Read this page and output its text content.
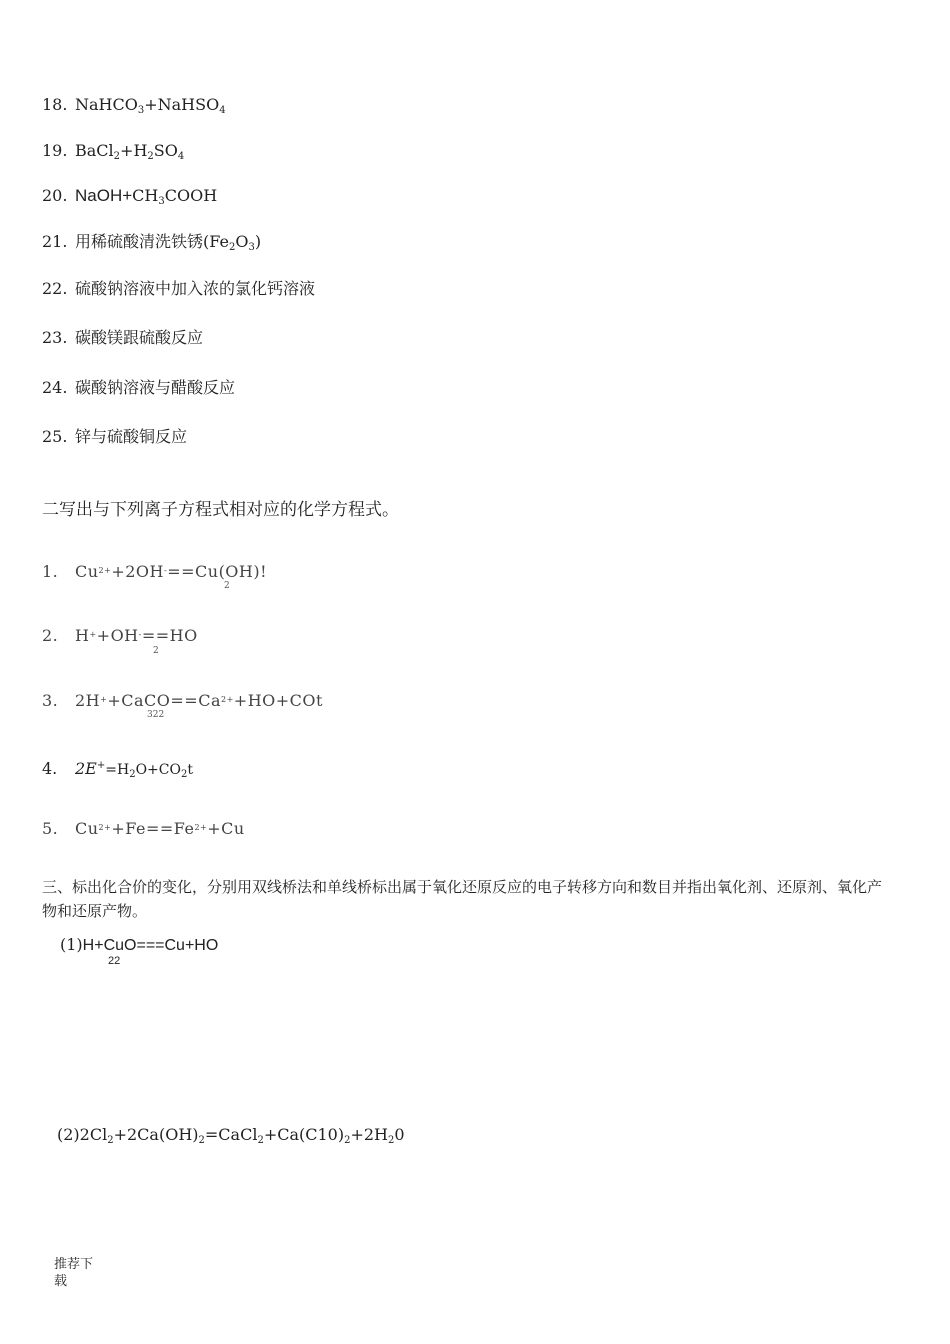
18. NaHCO$_3$+NaHSO$_4$
19. $BaCl_2+H_2SO_4$
20. $NaOH+CH_3COOH$
21. 用稀硫酸清洗铁锈$(Fe_2O_3)$
22. 硫酸钠溶液中加入浓的氯化钙溶液
23. 碳酸镁跟硫酸反应
24. 碳酸钠溶液与醋酸反应
25. 锌与硫酸铜反应
二写出与下列离子方程式相对应的化学方程式。
1. $Cu^{2+}+2OH^-==Cu(OH)$!
2
2. H++OH-==HO
2
3. $2H^++CaCO==Ca^{2+}+HO+COt$
322
4. $2E^+=H_2O+CO_2t$
5. $Cu^{2+}+Fe==Fe^{2+}+Cu$
三、标出化合价的变化，分别用双线桥法和单线桥标出属于氧化还原反应的电子转移方向和数目并指出氧化剂、还原剂、氧化产物和还原产物。
(1)H+CuO===Cu+HO
22
$(2)2Cl_2+2Ca(OH)_2=CaCl_2+Ca(C10)_2+2H_20$
推荐下载
